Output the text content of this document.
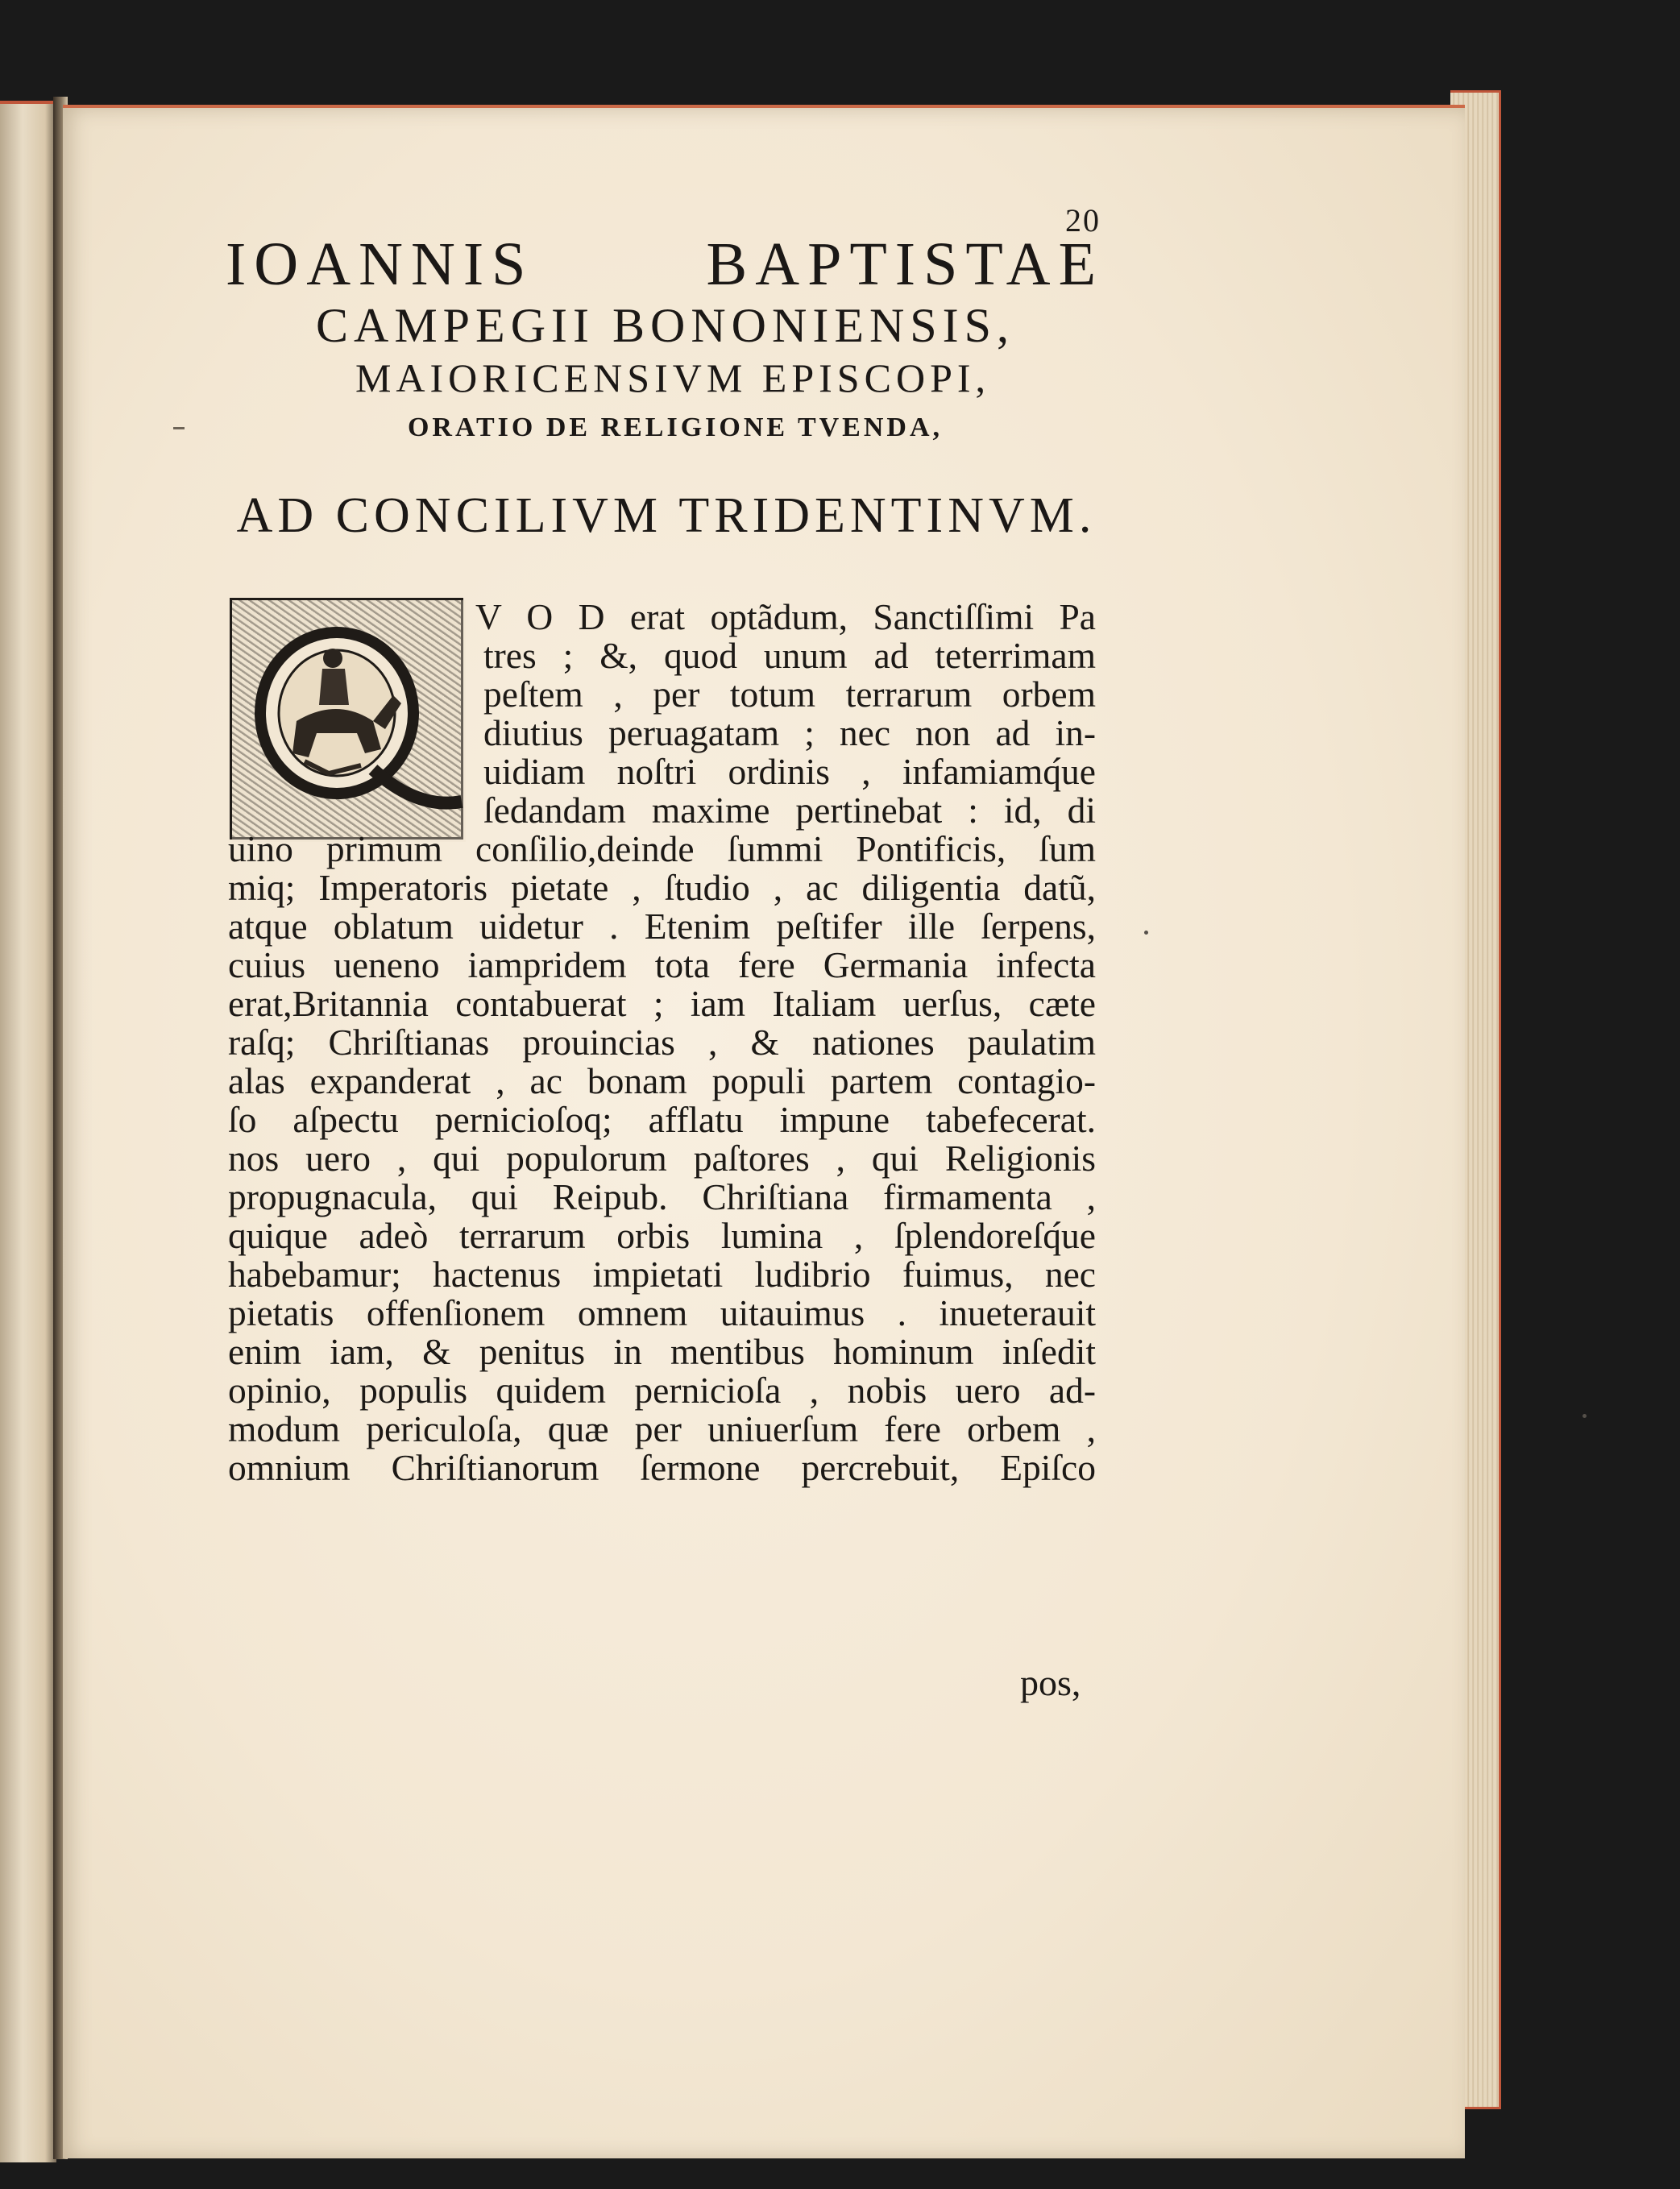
20
IOANNIS	BAPTISTAE
CAMPEGII BONONIENSIS,
MAIORICENSIVM EPISCOPI,
ORATIO DE RELIGIONE TVENDA,
AD CONCILIVM TRIDENTINVM.
V O D erat optãdum, Sanctiſſimi Pa
tres ; &, quod unum ad teterrimam
peſtem , per totum terrarum orbem
diutius peruagatam ; nec non ad in-
uidiam noſtri ordinis , infamiamq́ue
ſedandam maxime pertinebat : id, di
uino primum conſilio,deinde ſummi Pontificis, ſum
miq; Imperatoris pietate , ſtudio , ac diligentia datũ,
atque oblatum uidetur . Etenim peſtifer ille ſerpens,
cuius ueneno iampridem tota fere Germania infecta
erat,Britannia contabuerat ; iam Italiam uerſus, cæte
raſq; Chriſtianas prouincias , & nationes paulatim
alas expanderat , ac bonam populi partem contagio-
ſo aſpectu pernicioſoq; afflatu impune tabefecerat.
nos uero , qui populorum paſtores , qui Religionis
propugnacula, qui Reipub. Chriſtiana firmamenta ,
quique adeò terrarum orbis lumina , ſplendoreſq́ue
habebamur; hactenus impietati ludibrio fuimus, nec
pietatis offenſionem omnem uitauimus . inueterauit
enim iam, & penitus in mentibus hominum inſedit
opinio, populis quidem pernicioſa , nobis uero ad-
modum periculoſa, quæ per uniuerſum fere orbem ,
omnium Chriſtianorum ſermone percrebuit, Epiſco
pos,
